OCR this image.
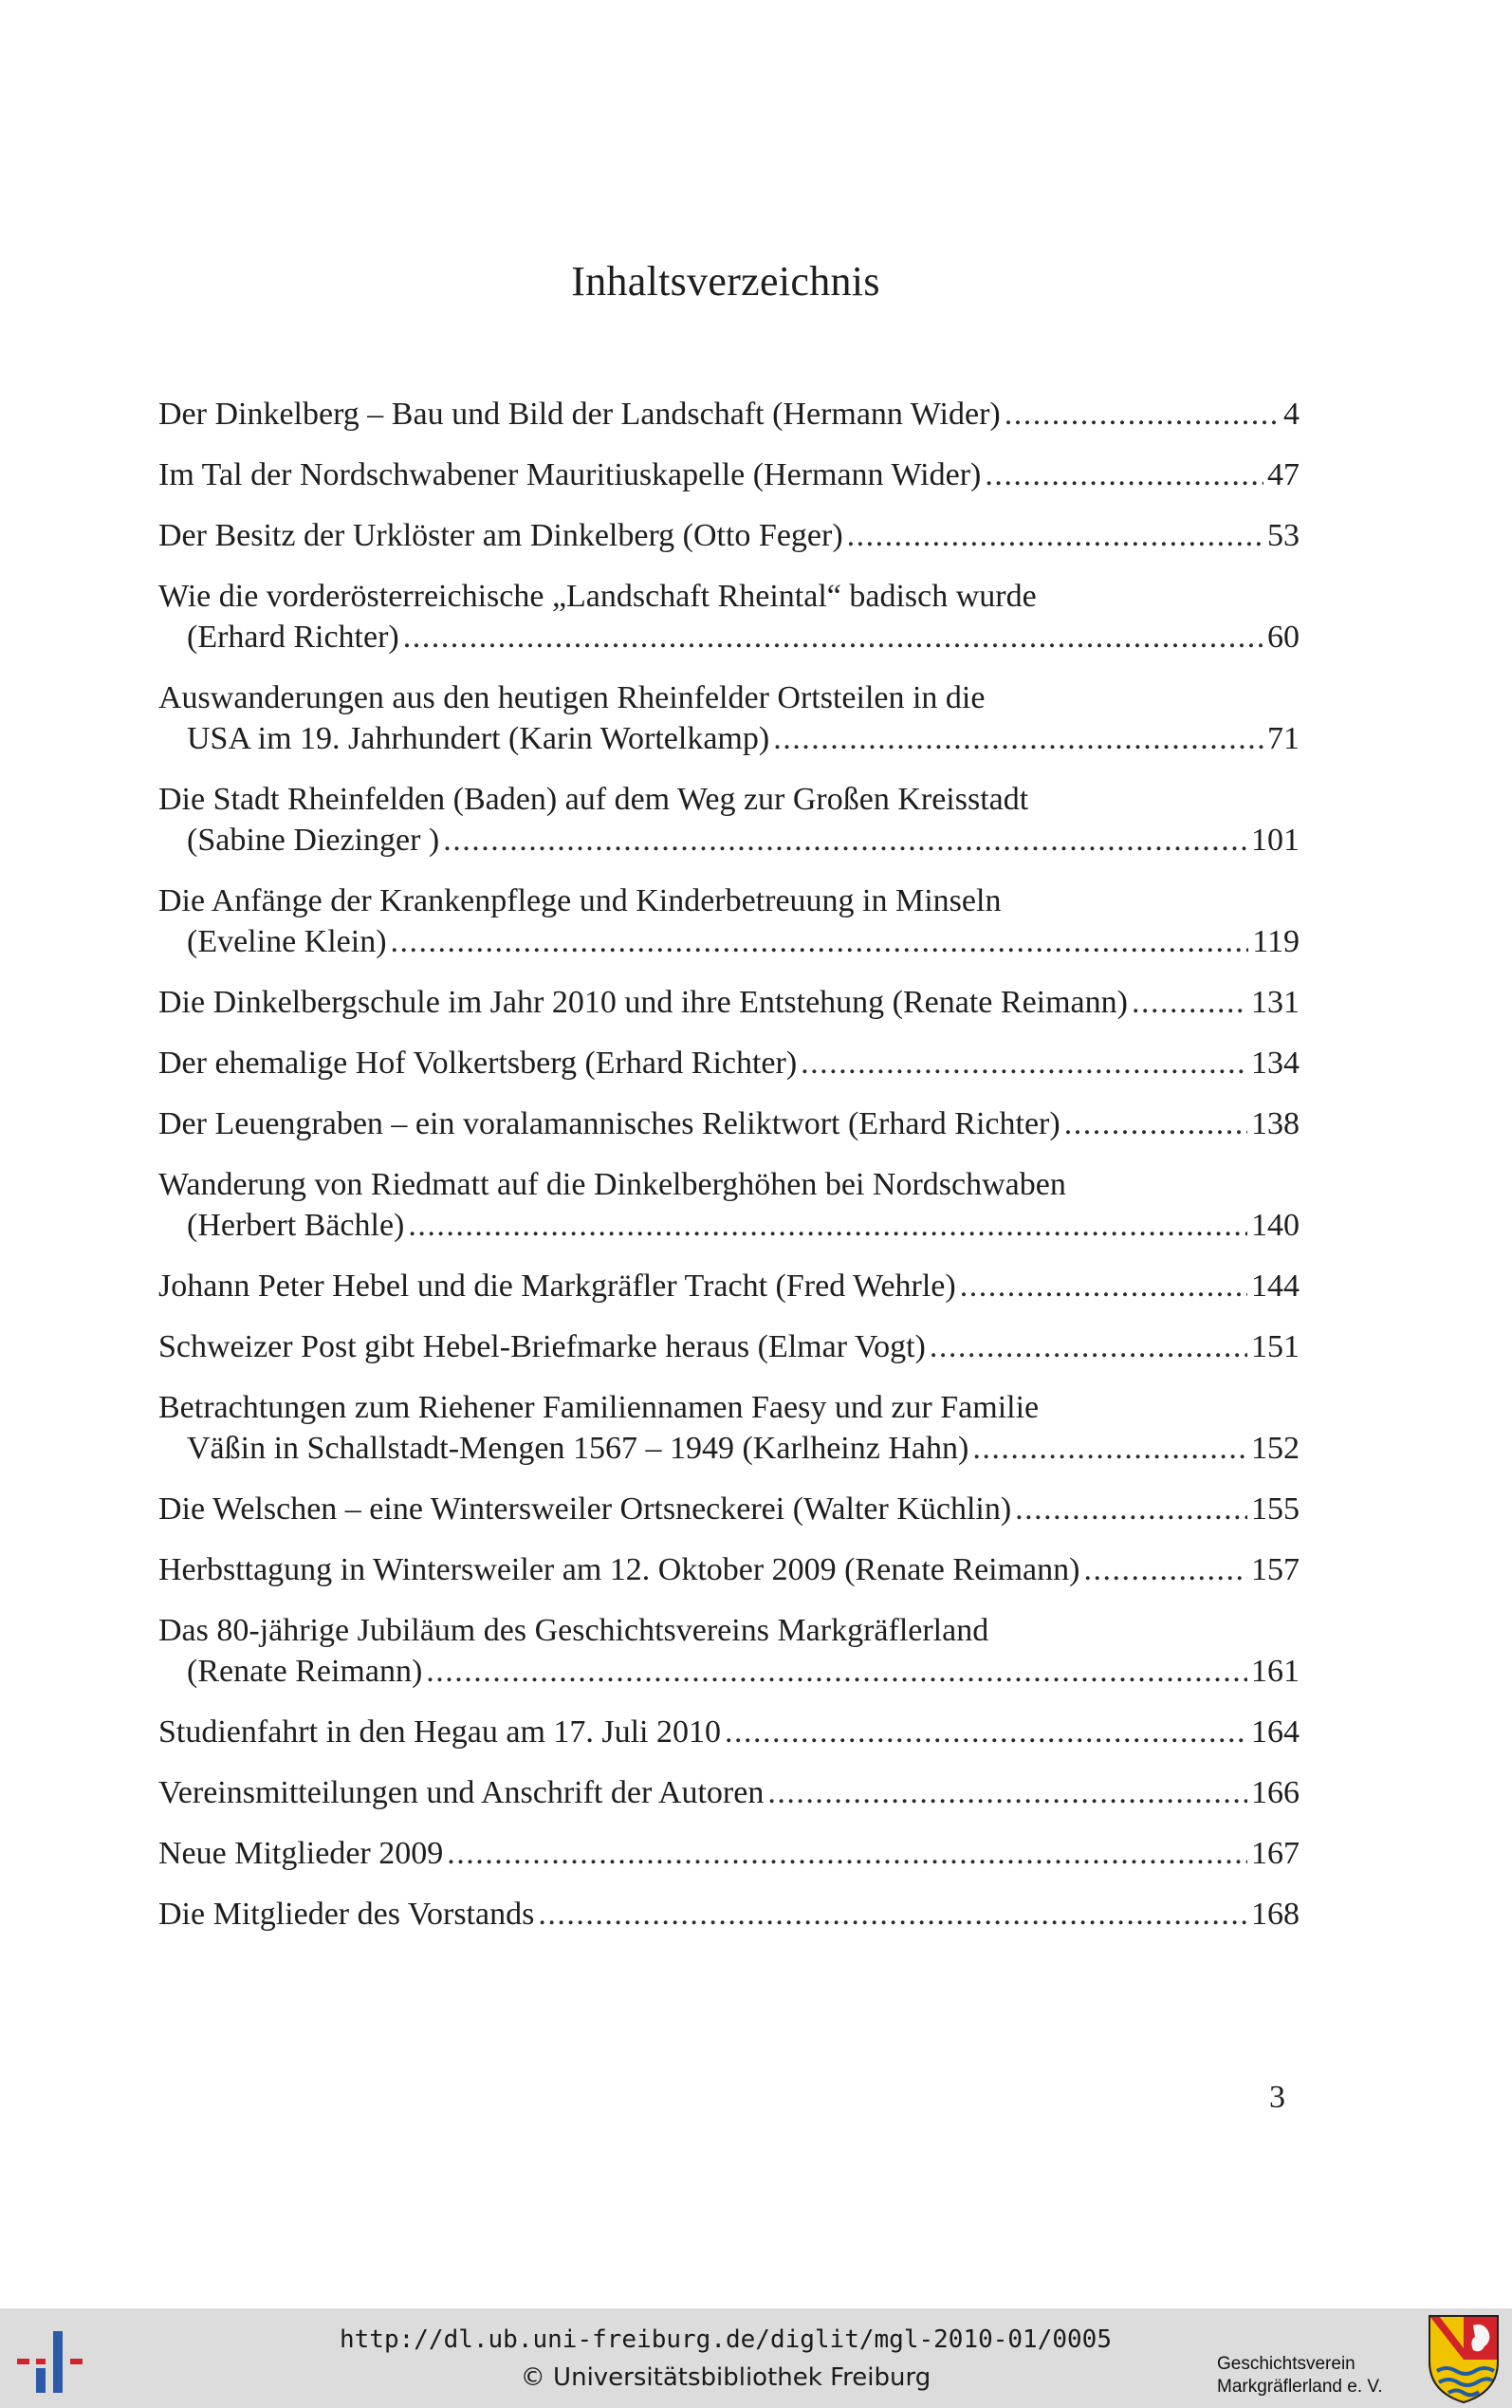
Inhaltsverzeichnis
Der Dinkelberg – Bau und Bild der Landschaft (Hermann Wider) .....	4
Im Tal der Nordschwabener Mauritiuskapelle (Hermann Wider) .....	47
Der Besitz der Urklöster am Dinkelberg (Otto Feger) .....	53
Wie die vorderösterreichische „Landschaft Rheintal“ badisch wurde
(Erhard Richter) .....	60
Auswanderungen aus den heutigen Rheinfelder Ortsteilen in die
USA im 19. Jahrhundert (Karin Wortelkamp) .....	71
Die Stadt Rheinfelden (Baden) auf dem Weg zur Großen Kreisstadt
(Sabine Diezinger ) .....	101
Die Anfänge der Krankenpflege und Kinderbetreuung in Minseln
(Eveline Klein) .....	119
Die Dinkelbergschule im Jahr 2010 und ihre Entstehung (Renate Reimann) .....	131
Der ehemalige Hof Volkertsberg (Erhard Richter) .....	134
Der Leuengraben – ein voralamannisches Reliktwort (Erhard Richter) .....	138
Wanderung von Riedmatt auf die Dinkelberghöhen bei Nordschwaben
(Herbert Bächle) .....	140
Johann Peter Hebel und die Markgräfler Tracht (Fred Wehrle) .....	144
Schweizer Post gibt Hebel-Briefmarke heraus (Elmar Vogt) .....	151
Betrachtungen zum Riehener Familiennamen Faesy und zur Familie
Väßin in Schallstadt-Mengen 1567 – 1949 (Karlheinz Hahn) .....	152
Die Welschen – eine Wintersweiler Ortsneckerei (Walter Küchlin) .....	155
Herbsttagung in Wintersweiler am 12. Oktober 2009 (Renate Reimann) .....	157
Das 80-jährige Jubiläum des Geschichtsvereins Markgräflerland
(Renate Reimann) .....	161
Studienfahrt in den Hegau am 17. Juli 2010 .....	164
Vereinsmitteilungen und Anschrift der Autoren .....	166
Neue Mitglieder 2009 .....	167
Die Mitglieder des Vorstands .....	168
3
http://dl.ub.uni-freiburg.de/diglit/mgl-2010-01/0005
© Universitätsbibliothek Freiburg	Geschichtsverein
Markgräflerland e. V.
